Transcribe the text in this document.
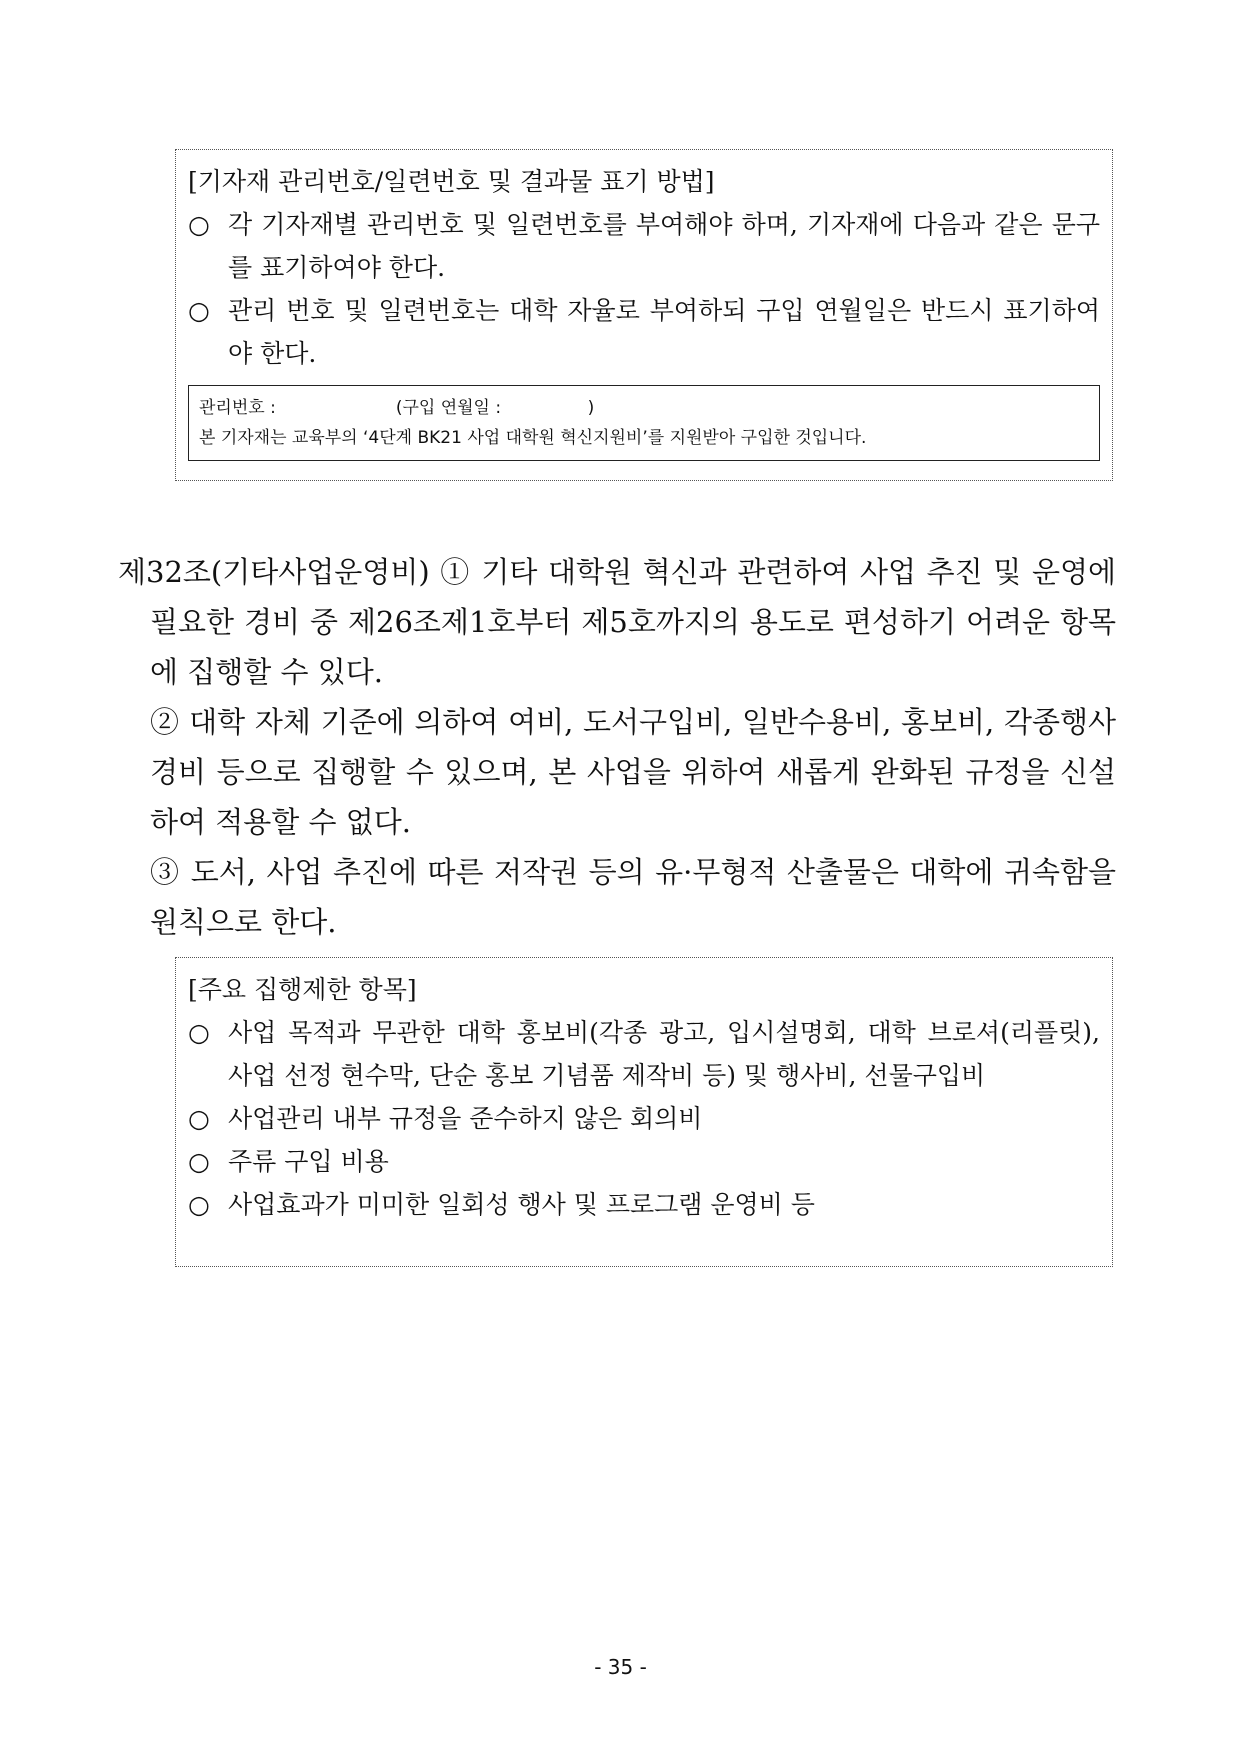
[기자재 관리번호/일련번호 및 결과물 표기 방법]
○ 각 기자재별 관리번호 및 일련번호를 부여해야 하며, 기자재에 다음과 같은 문구를 표기하여야 한다.
○ 관리 번호 및 일련번호는 대학 자율로 부여하되 구입 연월일은 반드시 표기하여야 한다.
관리번호 :	(구입 연월일 :                )
본 기자재는 교육부의 ‘4단계 BK21 사업 대학원 혁신지원비’를 지원받아 구입한 것입니다.

제32조(기타사업운영비) ① 기타 대학원 혁신과 관련하여 사업 추진 및 운영에 필요한 경비 중 제26조제1호부터 제5호까지의 용도로 편성하기 어려운 항목에 집행할 수 있다.

② 대학 자체 기준에 의하여 여비, 도서구입비, 일반수용비, 홍보비, 각종행사경비 등으로 집행할 수 있으며, 본 사업을 위하여 새롭게 완화된 규정을 신설하여 적용할 수 없다.

③ 도서, 사업 추진에 따른 저작권 등의 유·무형적 산출물은 대학에 귀속함을 원칙으로 한다.

[주요 집행제한 항목]
○ 사업 목적과 무관한 대학 홍보비(각종 광고, 입시설명회, 대학 브로셔(리플릿), 사업 선정 현수막, 단순 홍보 기념품 제작비 등) 및 행사비, 선물구입비
○ 사업관리 내부 규정을 준수하지 않은 회의비
○ 주류 구입 비용
○ 사업효과가 미미한 일회성 행사 및 프로그램 운영비 등
- 35 -
